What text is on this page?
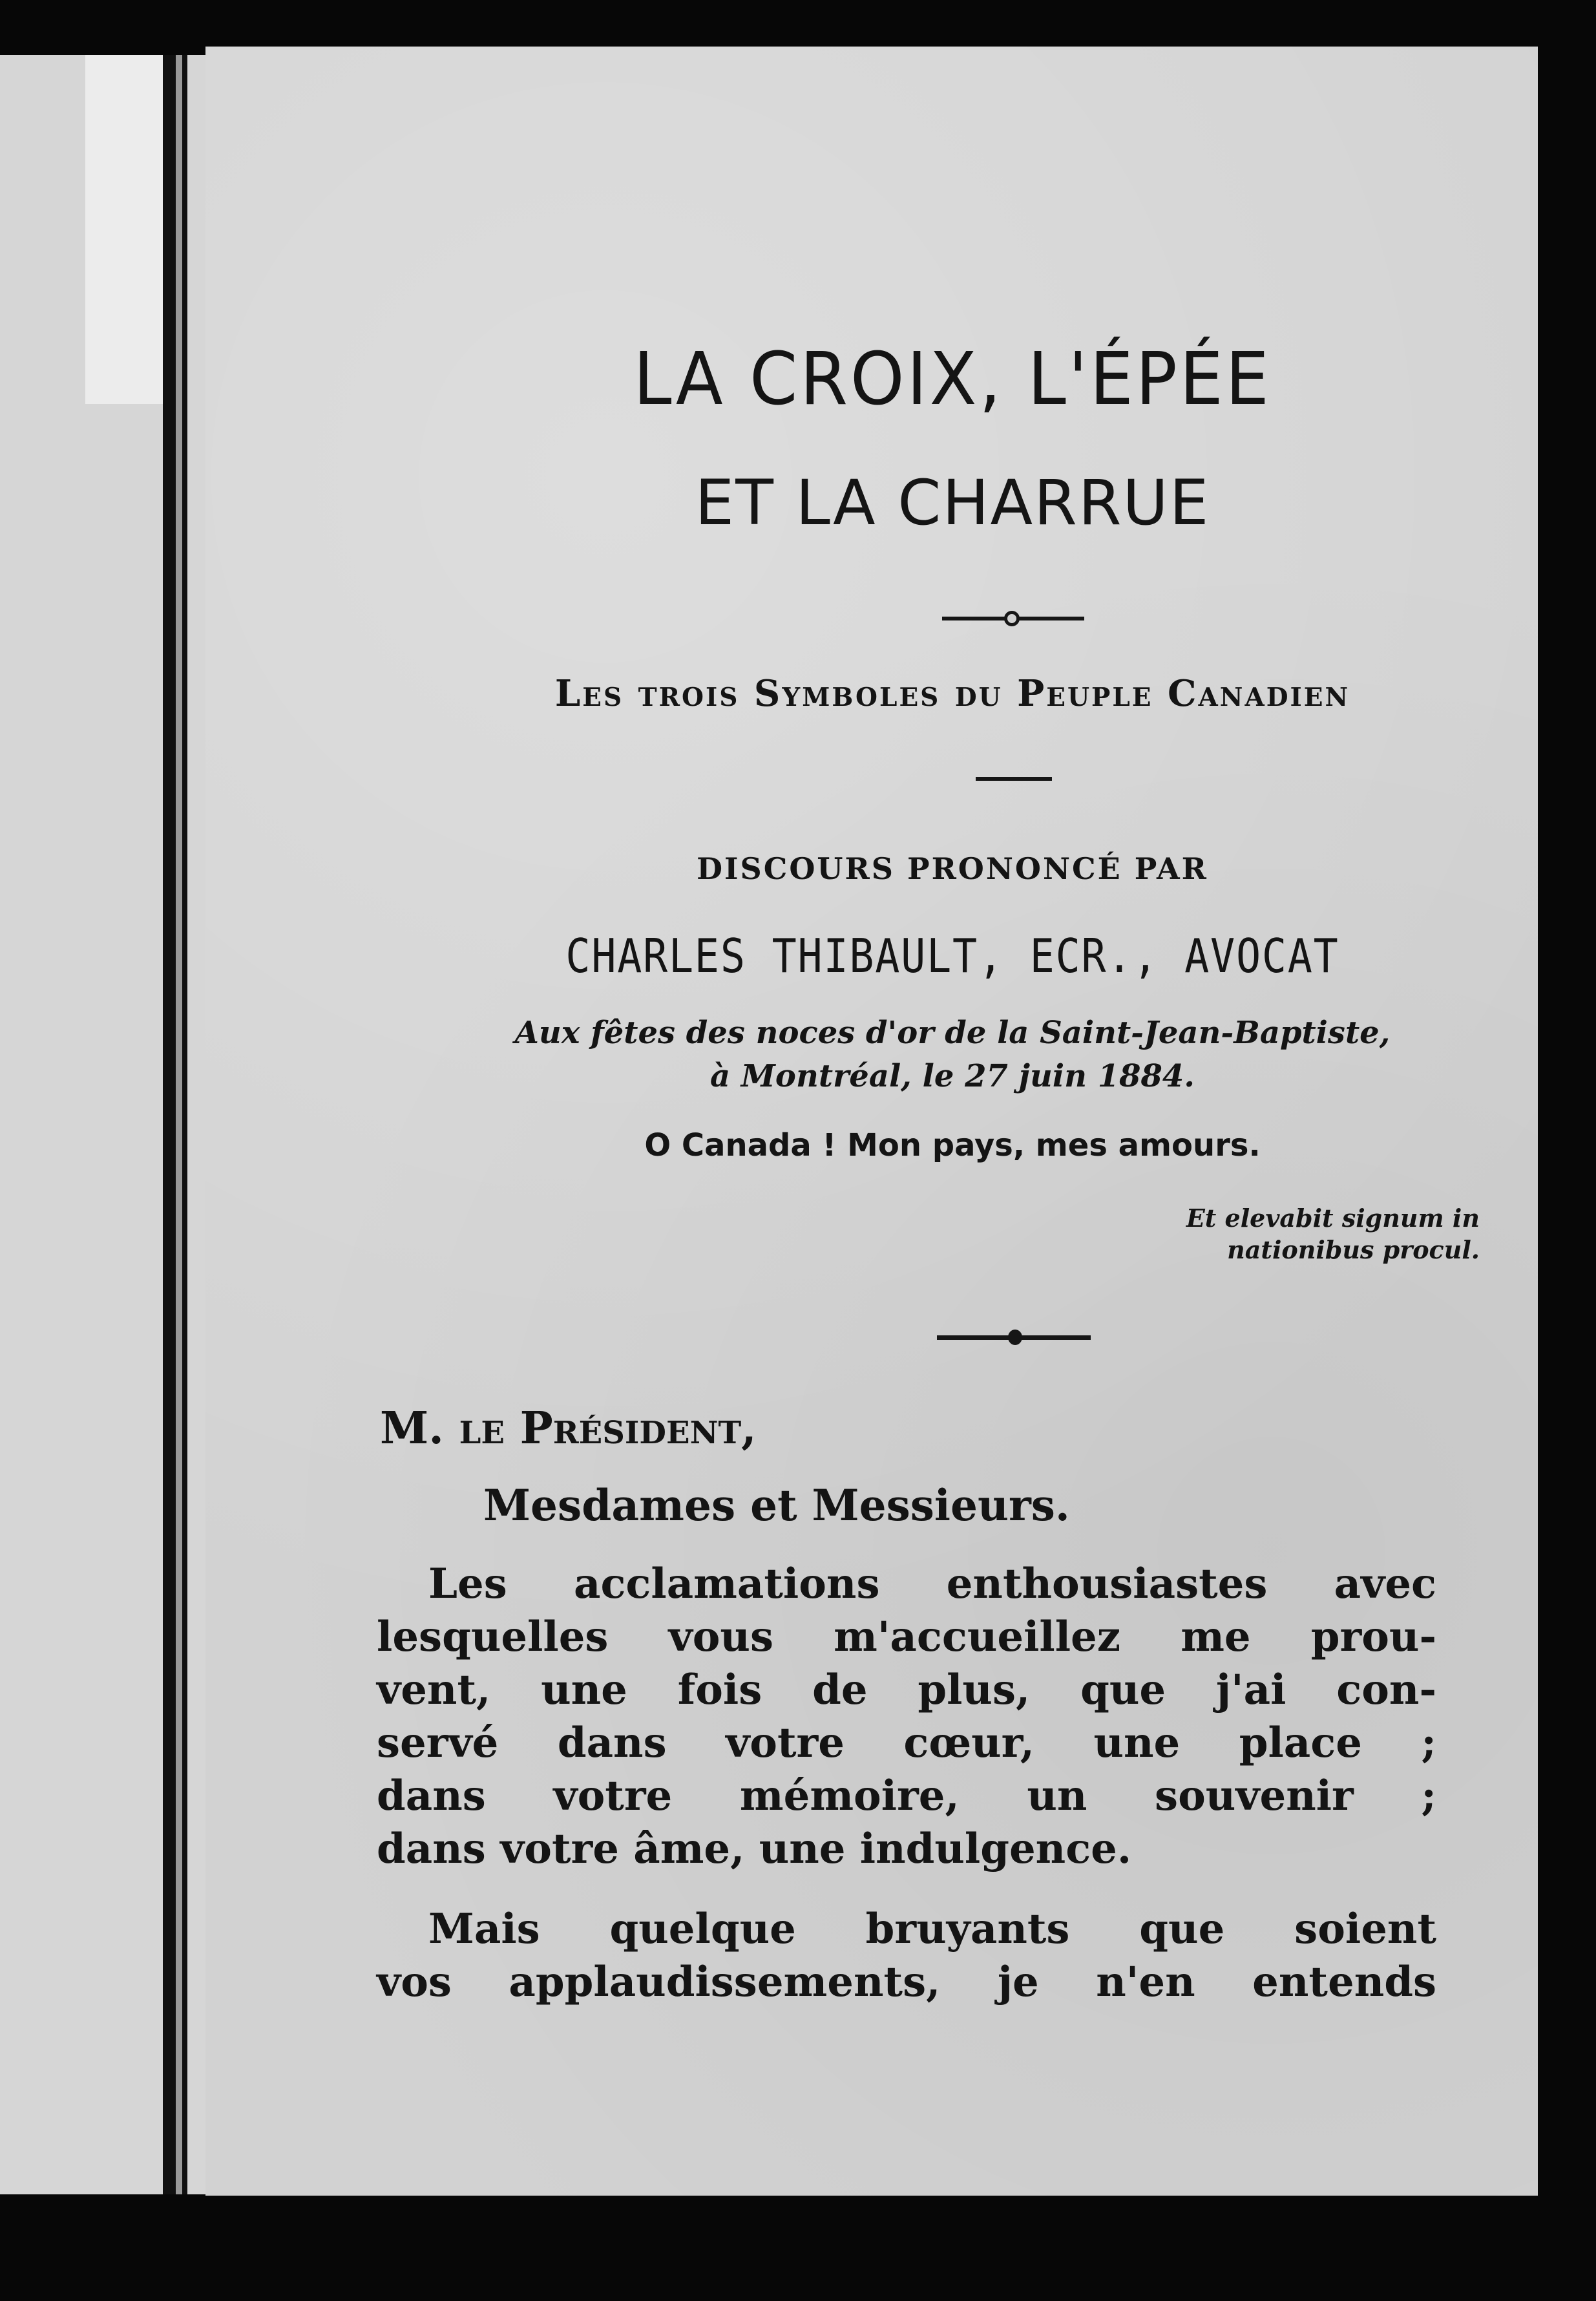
LA CROIX, L'ÉPÉE
ET LA CHARRUE
Les trois Symboles du Peuple Canadien
DISCOURS PRONONCÉ PAR
CHARLES THIBAULT, ECR., AVOCAT
Aux fêtes des noces d'or de la Saint-Jean-Baptiste,
à Montréal, le 27 juin 1884.
O Canada ! Mon pays, mes amours.
Et elevabit signum in nationibus procul.
M. le Président,
Mesdames et Messieurs.
Les acclamations enthousiastes avec
lesquelles vous m'accueillez me prou-
vent, une fois de plus, que j'ai con-
servé dans votre cœur, une place ;
dans votre mémoire, un souvenir ;
dans votre âme, une indulgence.
Mais quelque bruyants que soient
vos applaudissements, je n'en entends
